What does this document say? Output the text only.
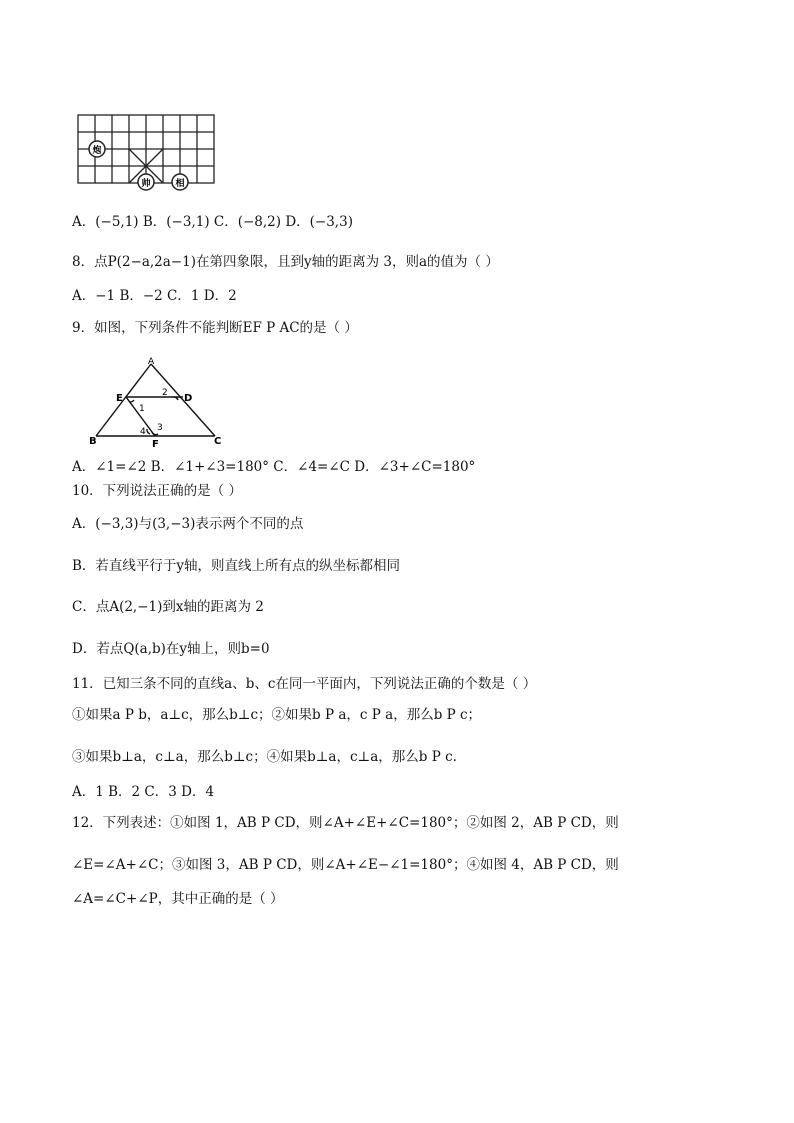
炮
帅	相
A．(−5,1) B．(−3,1) C．(−8,2) D．(−3,3)
8．点P(2−a,2a−1)在第四象限，且到y轴的距离为 3，则a的值为（ ）
A．−1 B．−2 C．1 D．2
9．如图，下列条件不能判断EF P AC的是（ ）
A
E	D
B	F	C
1
2
3
4
A．∠1=∠2 B．∠1+∠3=180° C．∠4=∠C D．∠3+∠C=180°
10．下列说法正确的是（ ）
A．(−3,3)与(3,−3)表示两个不同的点
B．若直线平行于y轴，则直线上所有点的纵坐标都相同
C．点A(2,−1)到x轴的距离为 2
D．若点Q(a,b)在y轴上，则b=0
11．已知三条不同的直线a、b、c在同一平面内，下列说法正确的个数是（ ）
①如果a P b，a⊥c，那么b⊥c；②如果b P a，c P a，那么b P c；
③如果b⊥a，c⊥a，那么b⊥c；④如果b⊥a，c⊥a，那么b P c.
A．1 B．2 C．3 D．4
12．下列表述：①如图 1，AB P CD，则∠A+∠E+∠C=180°；②如图 2，AB P CD，则
∠E=∠A+∠C；③如图 3，AB P CD，则∠A+∠E−∠1=180°；④如图 4，AB P CD，则
∠A=∠C+∠P，其中正确的是（ ）
